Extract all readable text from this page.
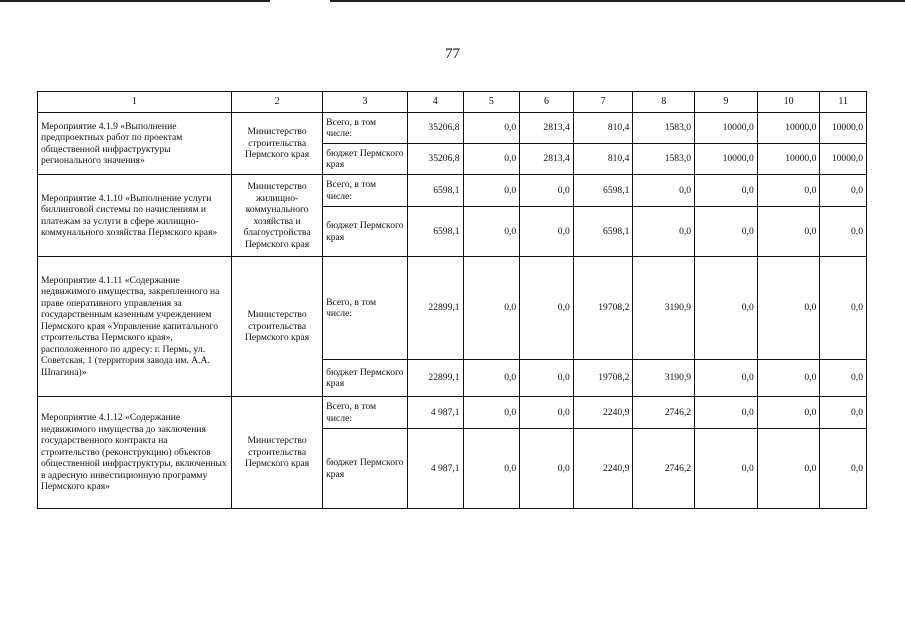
77
1	2	3	4	5	6	7	8	9	10	11
Мероприятие 4.1.9 «Выполнение предпроектных работ по проектам общественной инфраструктуры регионального значения»	Министерство строительства Пермского края	Всего, в том числе:	35206,8	0,0	2813,4	810,4	1583,0	10000,0	10000,0	10000,0
		бюджет Пермского края	35206,8	0,0	2813,4	810,4	1583,0	10000,0	10000,0	10000,0
Мероприятие 4.1.10 «Выполнение услуги биллинговой системы по начислениям и платежам за услуги в сфере жилищно-коммунального хозяйства Пермского края»	Министерство жилищно-коммунального хозяйства и благоустройства Пермского края	Всего, в том числе:	6598,1	0,0	0,0	6598,1	0,0	0,0	0,0	0,0
		бюджет Пермского края	6598,1	0,0	0,0	6598,1	0,0	0,0	0,0	0,0
Мероприятие 4.1.11 «Содержание недвижимого имущества, закрепленного на праве оперативного управления за государственным казенным учреждением Пермского края «Управление капитального строительства Пермского края», расположенного по адресу: г. Пермь, ул. Советская, 1 (территория завода им. А.А. Шпагина)»	Министерство строительства Пермского края	Всего, в том числе:	22899,1	0,0	0,0	19708,2	3190,9	0,0	0,0	0,0
		бюджет Пермского края	22899,1	0,0	0,0	19708,2	3190,9	0,0	0,0	0,0
Мероприятие 4.1.12 «Содержание недвижимого имущества до заключения государственного контракта на строительство (реконструкцию) объектов общественной инфраструктуры, включенных в адресную инвестиционную программу Пермского края»	Министерство строительства Пермского края	Всего, в том числе:	4 987,1	0,0	0,0	2240,9	2746,2	0,0	0,0	0,0
		бюджет Пермского края	4 987,1	0,0	0,0	2240,9	2746,2	0,0	0,0	0,0
